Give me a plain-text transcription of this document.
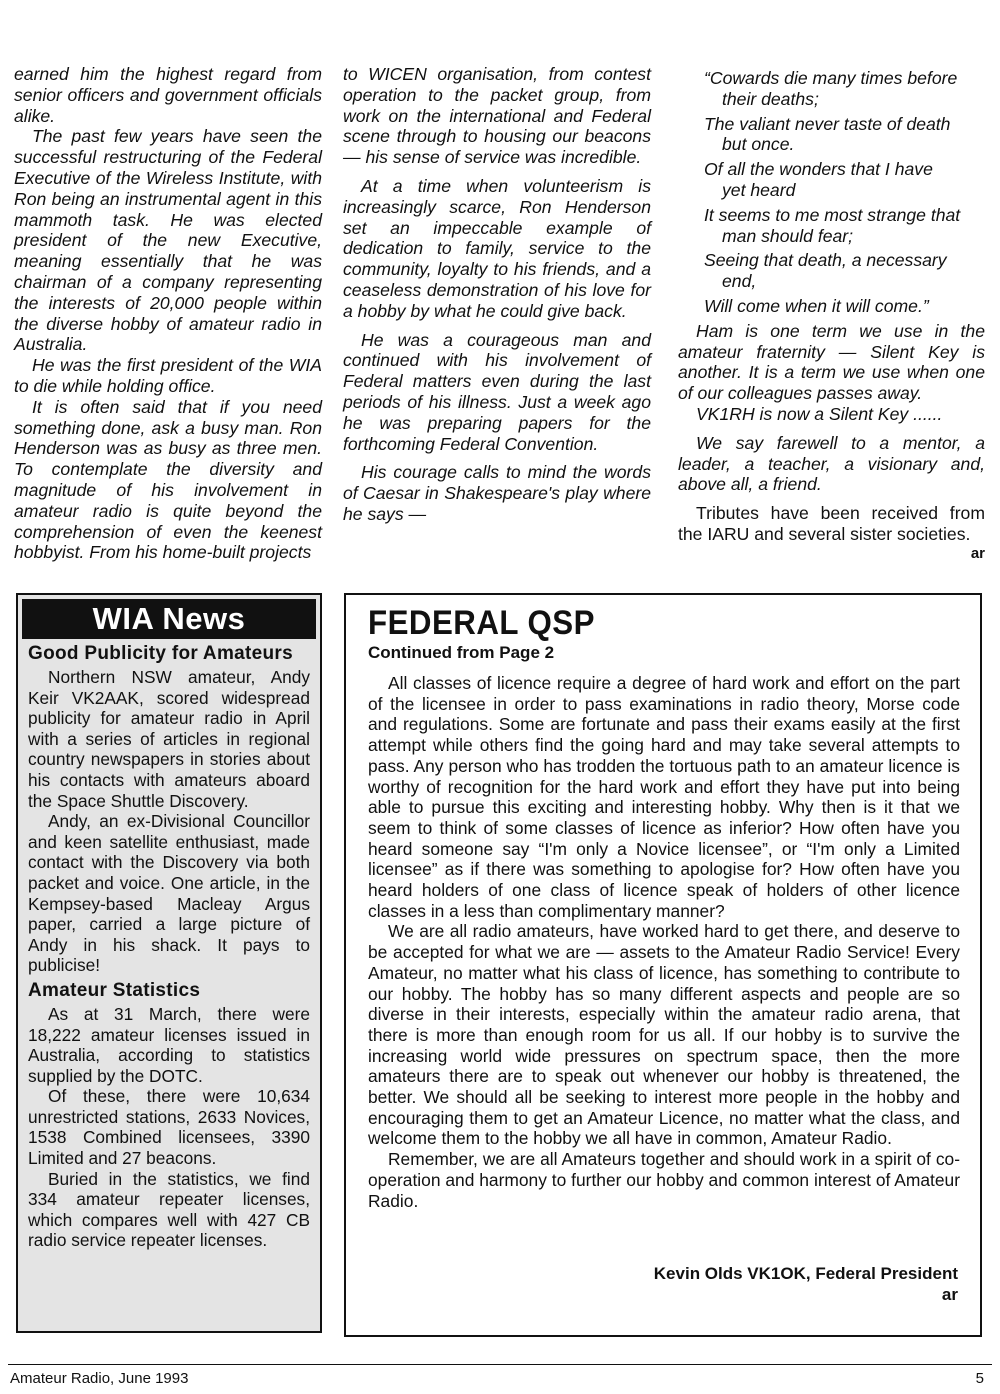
earned him the highest regard from senior officers and government officials alike.

The past few years have seen the successful restructuring of the Federal Executive of the Wireless Institute, with Ron being an instrumental agent in this mammoth task. He was elected president of the new Executive, meaning essentially that he was chairman of a company representing the interests of 20,000 people within the diverse hobby of amateur radio in Australia.

He was the first president of the WIA to die while holding office.

It is often said that if you need something done, ask a busy man. Ron Henderson was as busy as three men. To contemplate the diversity and magnitude of his involvement in amateur radio is quite beyond the comprehension of even the keenest hobbyist. From his home-built projects

to WICEN organisation, from contest operation to the packet group, from work on the international and Federal scene through to housing our beacons — his sense of service was incredible.

At a time when volunteerism is increasingly scarce, Ron Henderson set an impeccable example of dedication to family, service to the community, loyalty to his friends, and a ceaseless demonstration of his love for a hobby by what he could give back.

He was a courageous man and continued with his involvement of Federal matters even during the last periods of his illness. Just a week ago he was preparing papers for the forthcoming Federal Convention.

His courage calls to mind the words of Caesar in Shakespeare's play where he says —

“Cowards die many times before
their deaths;
The valiant never taste of death
but once.
Of all the wonders that I have
yet heard
It seems to me most strange that
man should fear;
Seeing that death, a necessary
end,
Will come when it will come.”

Ham is one term we use in the amateur fraternity — Silent Key is another. It is a term we use when one of our colleagues passes away.

VK1RH is now a Silent Key ......

We say farewell to a mentor, a leader, a teacher, a visionary and, above all, a friend.

Tributes have been received from the IARU and several sister societies.

ar
WIA News
Good Publicity for Amateurs

Northern NSW amateur, Andy Keir VK2AAK, scored widespread publicity for amateur radio in April with a series of articles in regional country newspapers in stories about his contacts with amateurs aboard the Space Shuttle Discovery.

Andy, an ex-Divisional Councillor and keen satellite enthusiast, made contact with the Discovery via both packet and voice. One article, in the Kempsey-based Macleay Argus paper, carried a large picture of Andy in his shack. It pays to publicise!

Amateur Statistics

As at 31 March, there were 18,222 amateur licenses issued in Australia, according to statistics supplied by the DOTC.

Of these, there were 10,634 unrestricted stations, 2633 Novices, 1538 Combined licensees, 3390 Limited and 27 beacons.

Buried in the statistics, we find 334 amateur repeater licenses, which compares well with 427 CB radio service repeater licenses.

FEDERAL QSP
Continued from Page 2

All classes of licence require a degree of hard work and effort on the part of the licensee in order to pass examinations in radio theory, Morse code and regulations. Some are fortunate and pass their exams easily at the first attempt while others find the going hard and may take several attempts to pass. Any person who has trodden the tortuous path to an amateur licence is worthy of recognition for the hard work and effort they have put into being able to pursue this exciting and interesting hobby. Why then is it that we seem to think of some classes of licence as inferior? How often have you heard someone say “I'm only a Novice licensee”, or “I'm only a Limited licensee” as if there was something to apologise for? How often have you heard holders of one class of licence speak of holders of other licence classes in a less than complimentary manner?

We are all radio amateurs, have worked hard to get there, and deserve to be accepted for what we are — assets to the Amateur Radio Service! Every Amateur, no matter what his class of licence, has something to contribute to our hobby. The hobby has so many different aspects and people are so diverse in their interests, especially within the amateur radio arena, that there is more than enough room for us all. If our hobby is to survive the increasing world wide pressures on spectrum space, then the more amateurs there are to speak out whenever our hobby is threatened, the better. We should all be seeking to interest more people in the hobby and encouraging them to get an Amateur Licence, no matter what the class, and welcome them to the hobby we all have in common, Amateur Radio.

Remember, we are all Amateurs together and should work in a spirit of co-operation and harmony to further our hobby and common interest of Amateur Radio.

Kevin Olds VK1OK, Federal President
ar
Amateur Radio, June 1993	5
